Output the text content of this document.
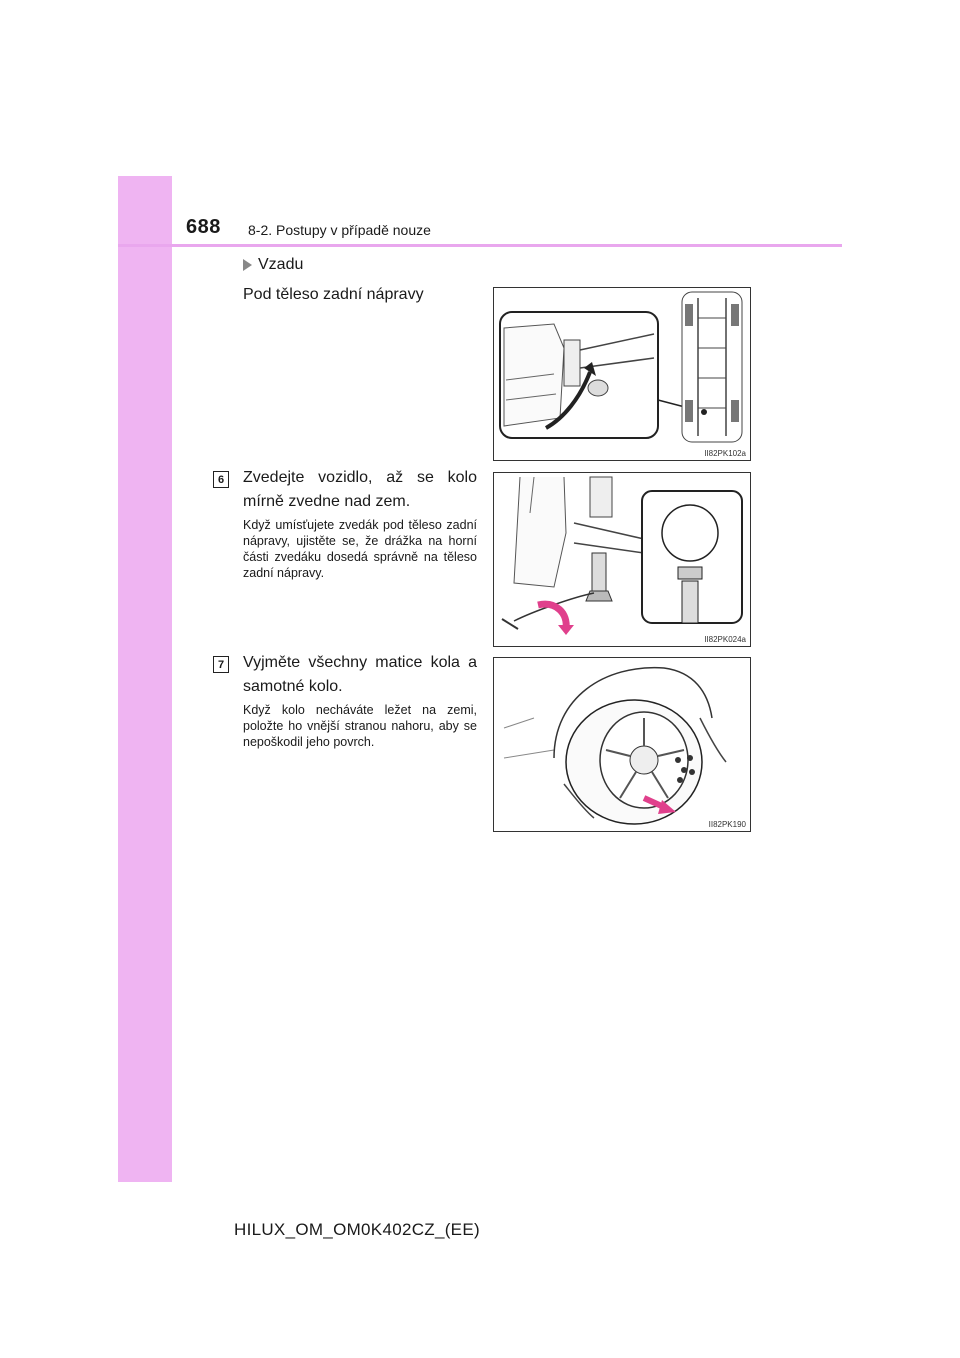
688 8-2. Postupy v případě nouze
Vzadu
Pod těleso zadní nápravy
II82PK102a
6	Zvedejte vozidlo, až se kolo mírně zvedne nad zem.
Když umísťujete zvedák pod těleso zadní nápravy, ujistěte se, že drážka na horní části zvedáku dosedá správně na těleso zadní nápravy.
II82PK024a
7	Vyjměte všechny matice kola a samotné kolo.
Když kolo necháváte ležet na zemi, položte ho vnější stranou nahoru, aby se nepoškodil jeho povrch.
II82PK190
HILUX_OM_OM0K402CZ_(EE)
